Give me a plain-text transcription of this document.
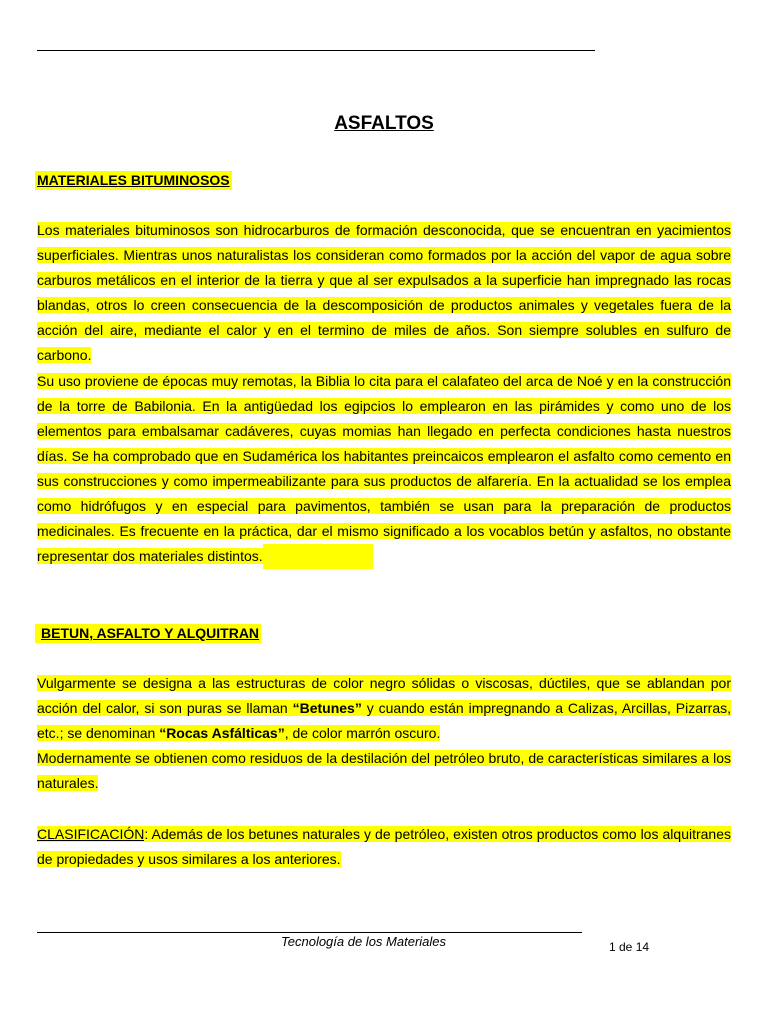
ASFALTOS
MATERIALES BITUMINOSOS
Los materiales bituminosos son hidrocarburos de formación desconocida, que se encuentran en yacimientos superficiales. Mientras unos naturalistas los consideran como formados por la acción del vapor de agua sobre carburos metálicos en el interior de la tierra y que al ser expulsados a la superficie han impregnado las rocas blandas, otros lo creen consecuencia de la descomposición de productos animales y vegetales fuera de la acción del aire, mediante el calor y en el termino de miles de años. Son siempre solubles en sulfuro de carbono.
Su uso proviene de épocas muy remotas, la Biblia lo cita para el calafateo del arca de Noé y en la construcción de la torre de Babilonia. En la antigüedad los egipcios lo emplearon en las pirámides y como uno de los elementos para embalsamar cadáveres, cuyas momias han llegado en perfecta condiciones hasta nuestros días. Se ha comprobado que en Sudamérica los habitantes preincaicos emplearon el asfalto como cemento en sus construcciones y como impermeabilizante para sus productos de alfarería. En la actualidad se los emplea como hidrófugos y en especial para pavimentos, también se usan para la preparación de productos medicinales. Es frecuente en la práctica, dar el mismo significado a los vocablos betún y asfaltos, no obstante representar dos materiales distintos.
BETUN, ASFALTO Y ALQUITRAN
Vulgarmente se designa a las estructuras de color negro sólidas o viscosas, dúctiles, que se ablandan por acción del calor, si son puras se llaman “Betunes” y cuando están impregnando a Calizas, Arcillas, Pizarras, etc.; se denominan “Rocas Asfálticas”, de color marrón oscuro.
Modernamente se obtienen como residuos de la destilación del petróleo bruto, de características similares a los naturales.

CLASIFICACIÓN: Además de los betunes naturales y de petróleo, existen otros productos como los alquitranes de propiedades y usos similares a los anteriores.
Tecnología de los Materiales	1 de 14
